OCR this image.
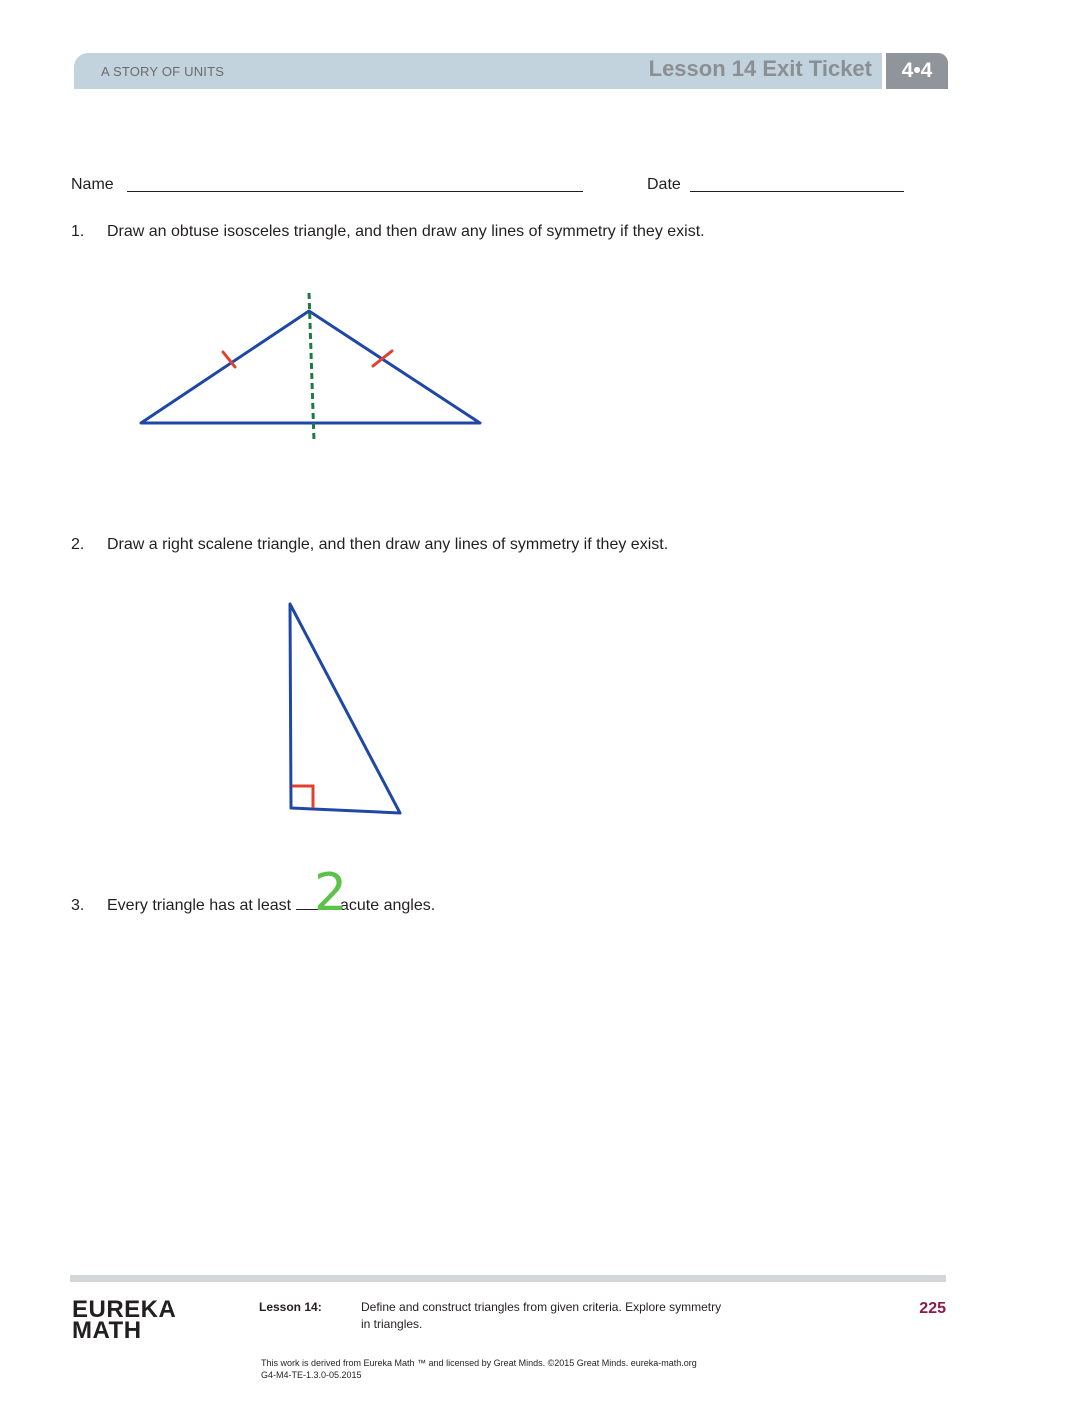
A STORY OF UNITS	Lesson 14 Exit Ticket	4•4
Name	Date
1. Draw an obtuse isosceles triangle, and then draw any lines of symmetry if they exist.
2. Draw a right scalene triangle, and then draw any lines of symmetry if they exist.
3. Every triangle has at least	acute angles.
2
EUREKA
MATH
Lesson 14:	Define and construct triangles from given criteria. Explore symmetry
in triangles.
225
This work is derived from Eureka Math ™ and licensed by Great Minds. ©2015 Great Minds. eureka-math.org
G4-M4-TE-1.3.0-05.2015
